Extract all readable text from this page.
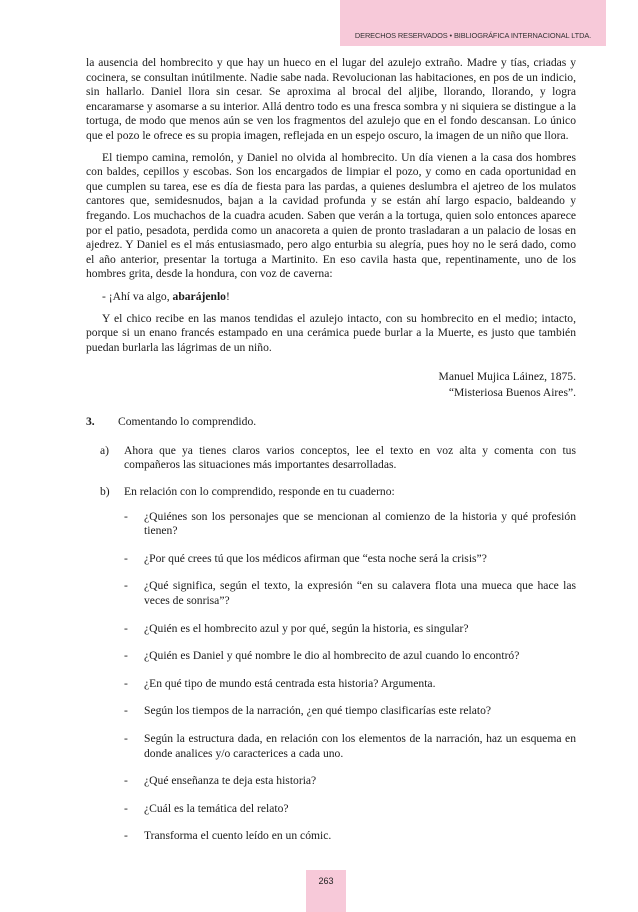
DERECHOS RESERVADOS • BIBLIOGRÁFICA INTERNACIONAL LTDA.

la ausencia del hombrecito y que hay un hueco en el lugar del azulejo extraño. Madre y tías, criadas y cocinera, se consultan inútilmente. Nadie sabe nada. Revolucionan las habitaciones, en pos de un indicio, sin hallarlo. Daniel llora sin cesar. Se aproxima al brocal del aljibe, llorando, llorando, y logra encaramarse y asomarse a su interior. Allá dentro todo es una fresca sombra y ni siquiera se distingue a la tortuga, de modo que menos aún se ven los fragmentos del azulejo que en el fondo descansan. Lo único que el pozo le ofrece es su propia imagen, reflejada en un espejo oscuro, la imagen de un niño que llora.

El tiempo camina, remolón, y Daniel no olvida al hombrecito. Un día vienen a la casa dos hombres con baldes, cepillos y escobas. Son los encargados de limpiar el pozo, y como en cada oportunidad en que cumplen su tarea, ese es día de fiesta para las pardas, a quienes deslumbra el ajetreo de los mulatos cantores que, semidesnudos, bajan a la cavidad profunda y se están ahí largo espacio, baldeando y fregando. Los muchachos de la cuadra acuden. Saben que verán a la tortuga, quien solo entonces aparece por el patio, pesadota, perdida como un anacoreta a quien de pronto trasladaran a un palacio de losas en ajedrez. Y Daniel es el más entusiasmado, pero algo enturbia su alegría, pues hoy no le será dado, como el año anterior, presentar la tortuga a Martinito. En eso cavila hasta que, repentinamente, uno de los hombres grita, desde la hondura, con voz de caverna:

- ¡Ahí va algo, abarájenlo!

Y el chico recibe en las manos tendidas el azulejo intacto, con su hombrecito en el medio; intacto, porque si un enano francés estampado en una cerámica puede burlar a la Muerte, es justo que también puedan burlarla las lágrimas de un niño.

Manuel Mujica Láinez, 1875.
“Misteriosa Buenos Aires”.
3.	Comentando lo comprendido.
a)	Ahora que ya tienes claros varios conceptos, lee el texto en voz alta y comenta con tus compañeros las situaciones más importantes desarrolladas.
b)	En relación con lo comprendido, responde en tu cuaderno:
-	¿Quiénes son los personajes que se mencionan al comienzo de la historia y qué profesión tienen?
-	¿Por qué crees tú que los médicos afirman que “esta noche será la crisis”?
-	¿Qué significa, según el texto, la expresión “en su calavera flota una mueca que hace las veces de sonrisa”?
-	¿Quién es el hombrecito azul y por qué, según la historia, es singular?
-	¿Quién es Daniel y qué nombre le dio al hombrecito de azul cuando lo encontró?
-	¿En qué tipo de mundo está centrada esta historia? Argumenta.
-	Según los tiempos de la narración, ¿en qué tiempo clasificarías este relato?
-	Según la estructura dada, en relación con los elementos de la narración, haz un esquema en donde analices y/o caracterices a cada uno.
-	¿Qué enseñanza te deja esta historia?
-	¿Cuál es la temática del relato?
-	Transforma el cuento leído en un cómic.
263
